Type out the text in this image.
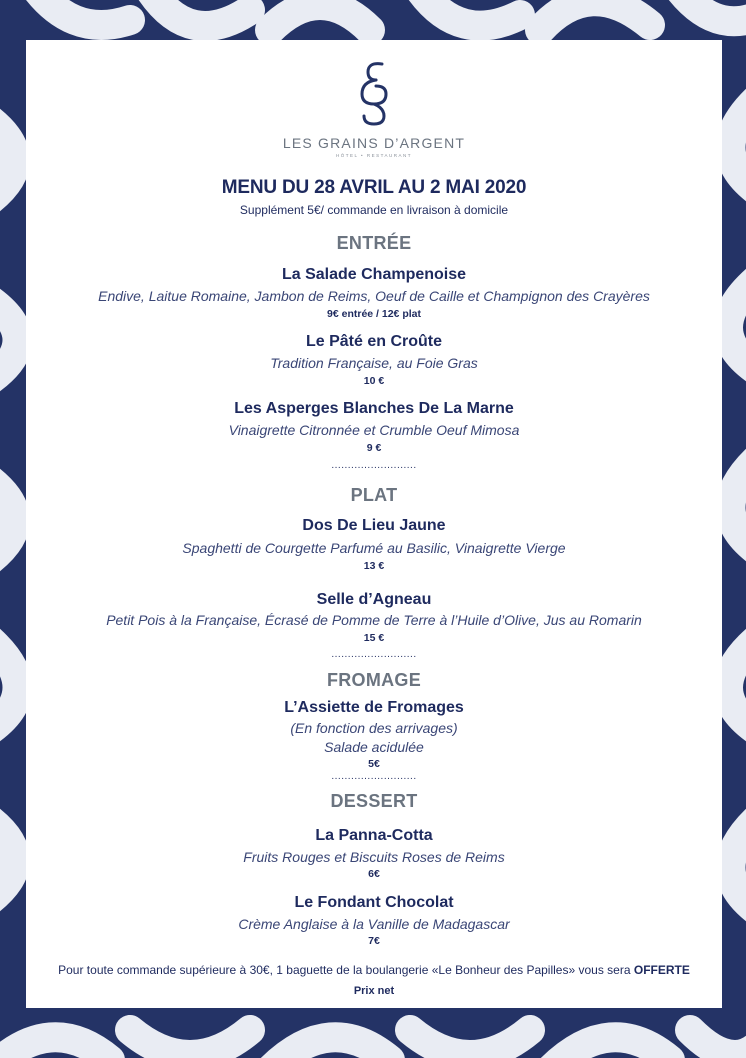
LES GRAINS D’ARGENT
HÔTEL • RESTAURANT
MENU DU 28 AVRIL AU 2 MAI 2020
Supplément 5€/ commande en livraison à domicile
ENTRÉE
La Salade Champenoise
Endive, Laitue Romaine, Jambon de Reims, Oeuf de Caille et Champignon des Crayères
9€ entrée / 12€ plat
Le Pâté en Croûte
Tradition Française, au Foie Gras
10 €
Les Asperges Blanches De La Marne
Vinaigrette Citronnée et Crumble Oeuf Mimosa
9 €
..........................
PLAT
Dos De Lieu Jaune
Spaghetti de Courgette Parfumé au Basilic, Vinaigrette Vierge
13 €
Selle d’Agneau
Petit Pois à la Française, Écrasé de Pomme de Terre à l’Huile d’Olive, Jus au Romarin
15 €
..........................
FROMAGE
L’Assiette de Fromages
(En fonction des arrivages)
Salade acidulée
5€
..........................
DESSERT
La Panna-Cotta
Fruits Rouges et Biscuits Roses de Reims
6€
Le Fondant Chocolat
Crème Anglaise à la Vanille de Madagascar
7€
Pour toute commande supérieure à 30€, 1 baguette de la boulangerie «Le Bonheur des Papilles» vous sera OFFERTE
Prix net
